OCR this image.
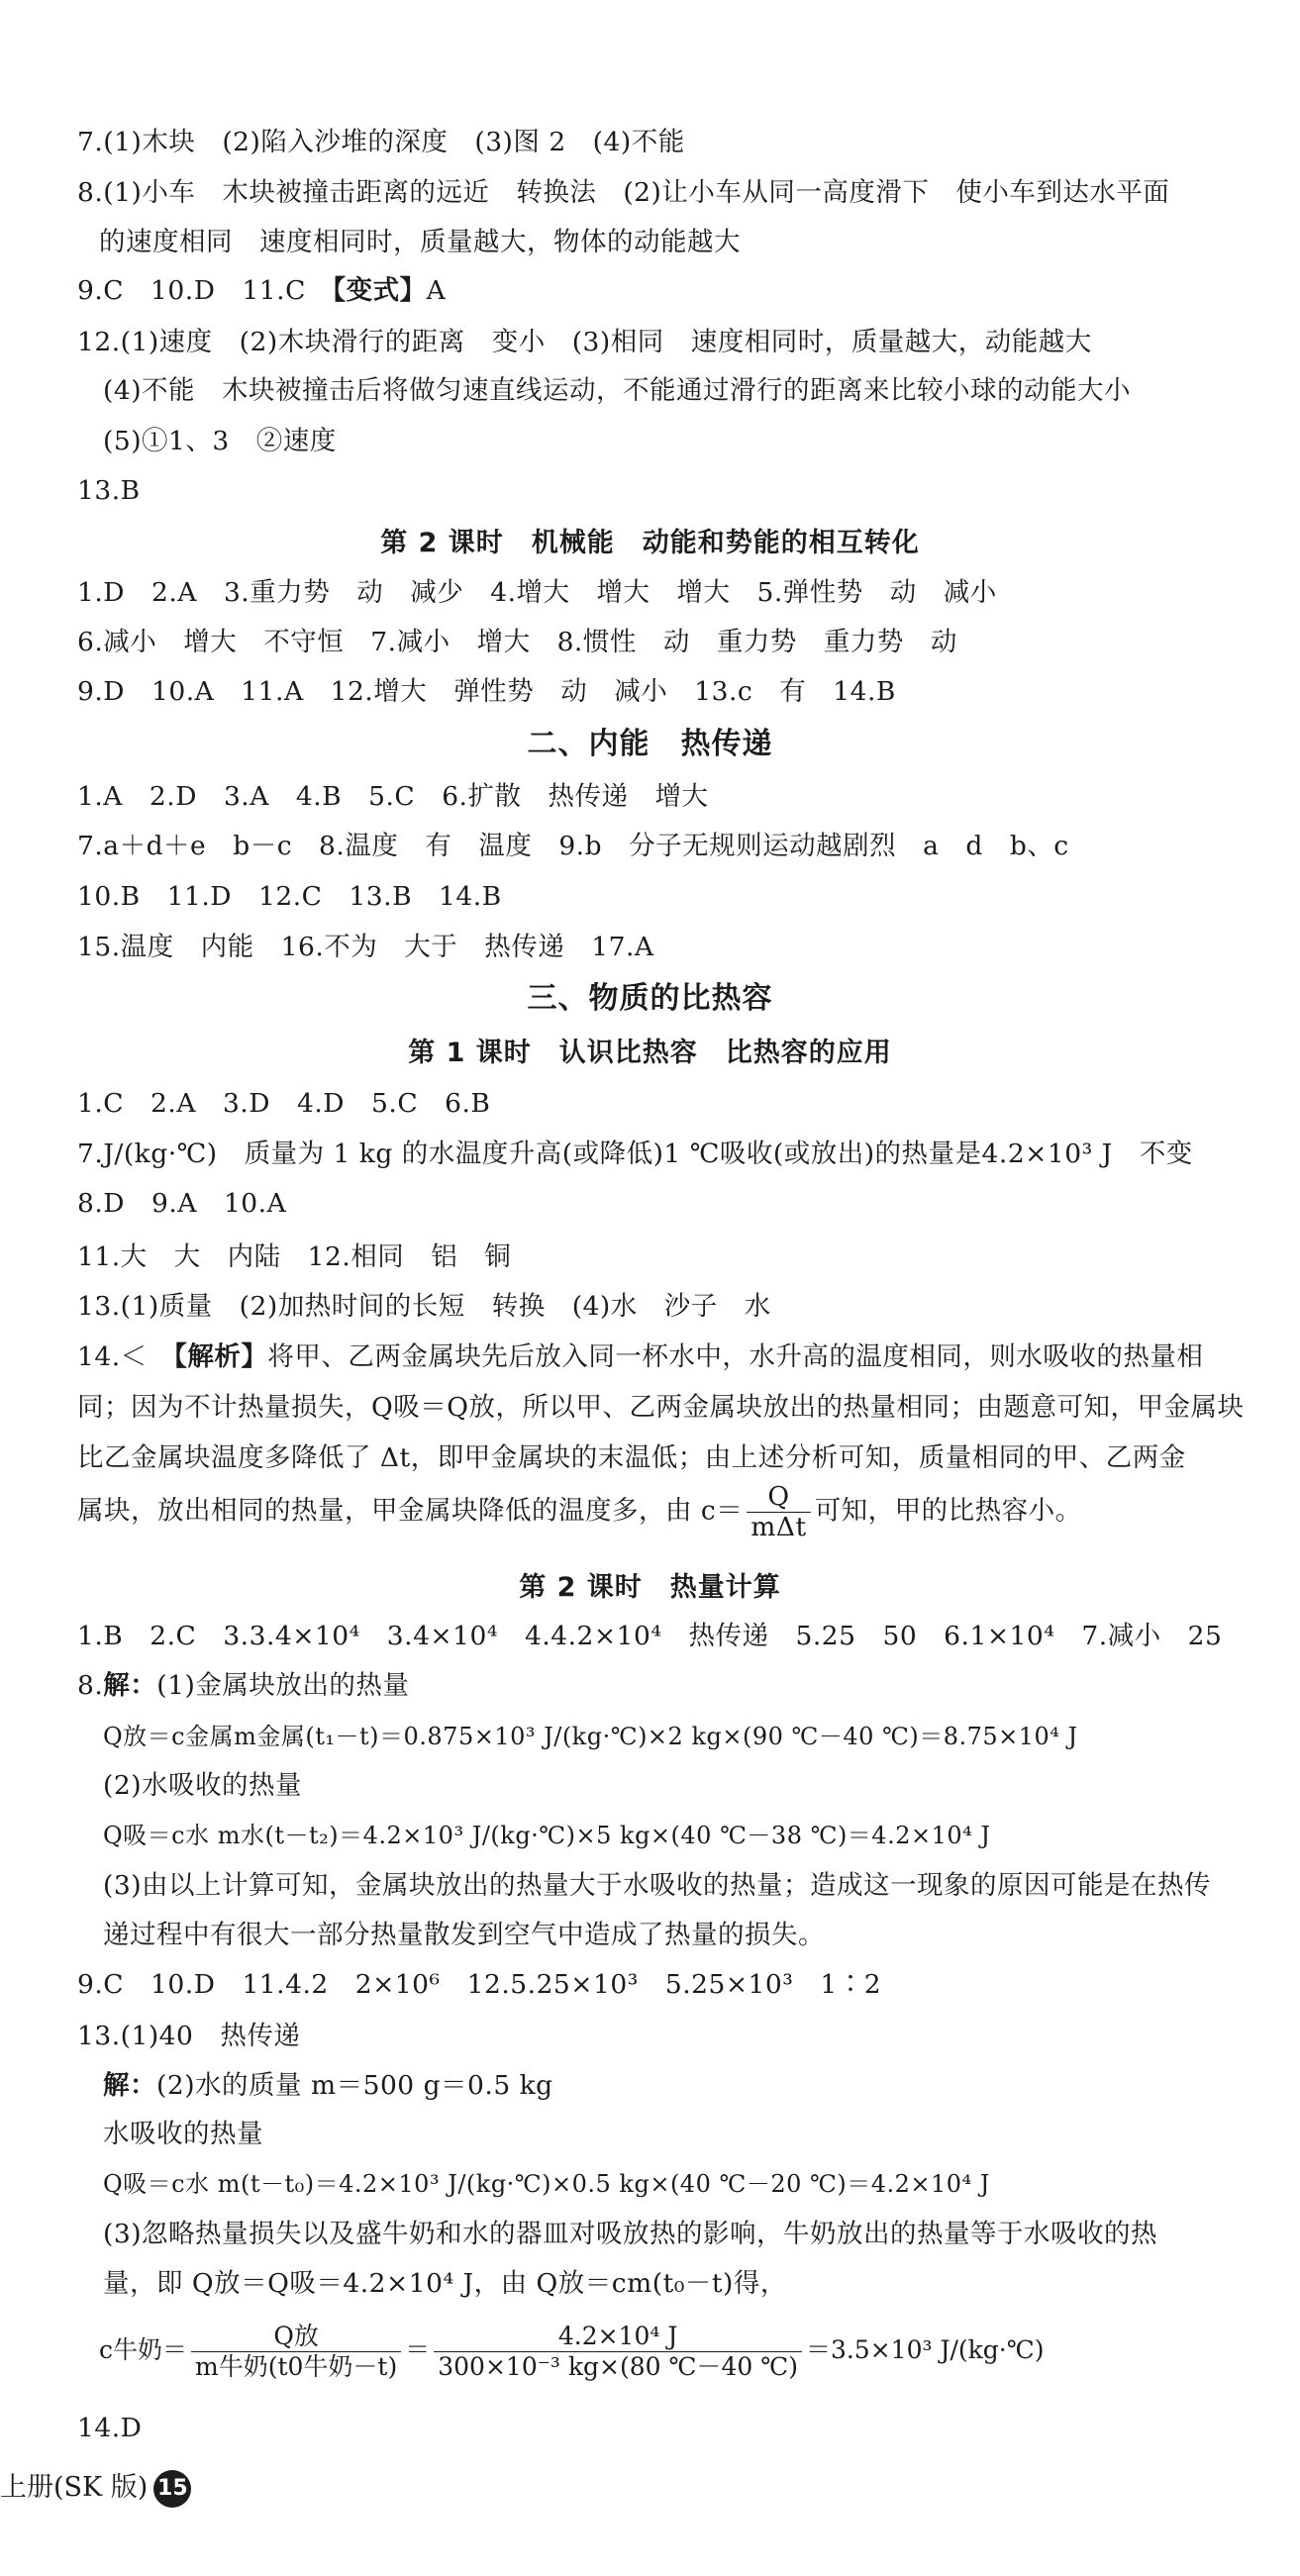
7.(1)木块　(2)陷入沙堆的深度　(3)图 2　(4)不能
8.(1)小车　木块被撞击距离的远近　转换法　(2)让小车从同一高度滑下　使小车到达水平面
的速度相同　速度相同时，质量越大，物体的动能越大
9.C　10.D　11.C　【变式】A
12.(1)速度　(2)木块滑行的距离　变小　(3)相同　速度相同时，质量越大，动能越大
(4)不能　木块被撞击后将做匀速直线运动，不能通过滑行的距离来比较小球的动能大小
(5)①1、3　②速度
13.B
第 2 课时　机械能　动能和势能的相互转化
1.D　2.A　3.重力势　动　减少　4.增大　增大　增大　5.弹性势　动　减小
6.减小　增大　不守恒　7.减小　增大　8.惯性　动　重力势　重力势　动
9.D　10.A　11.A　12.增大　弹性势　动　减小　13.c　有　14.B
二、内能　热传递
1.A　2.D　3.A　4.B　5.C　6.扩散　热传递　增大
7.a＋d＋e　b－c　8.温度　有　温度　9.b　分子无规则运动越剧烈　a　d　b、c
10.B　11.D　12.C　13.B　14.B
15.温度　内能　16.不为　大于　热传递　17.A
三、物质的比热容
第 1 课时　认识比热容　比热容的应用
1.C　2.A　3.D　4.D　5.C　6.B
7.J/(kg·℃)　质量为 1 kg 的水温度升高(或降低)1 ℃吸收(或放出)的热量是4.2×10³ J　不变
8.D　9.A　10.A
11.大　大　内陆　12.相同　铝　铜
13.(1)质量　(2)加热时间的长短　转换　(4)水　沙子　水
14.＜　【解析】将甲、乙两金属块先后放入同一杯水中，水升高的温度相同，则水吸收的热量相
同；因为不计热量损失，Q吸＝Q放，所以甲、乙两金属块放出的热量相同；由题意可知，甲金属块
比乙金属块温度多降低了 Δt，即甲金属块的末温低；由上述分析可知，质量相同的甲、乙两金
属块，放出相同的热量，甲金属块降低的温度多，由 $c= \frac{Q}{\text{mΔt}}$ 可知，甲的比热容小。
第 2 课时　热量计算
1.B　2.C　3.3.4×10⁴　3.4×10⁴　4.4.2×10⁴　热传递　5.25　50　6.1×10⁴　7.减小　25
8.解：(1)金属块放出的热量
Q放＝c金属m金属(t₁－t)＝0.875×10³ J/(kg·℃)×2 kg×(90 ℃－40 ℃)＝8.75×10⁴ J
(2)水吸收的热量
Q吸＝c水 m水(t－t₂)＝4.2×10³ J/(kg·℃)×5 kg×(40 ℃－38 ℃)＝4.2×10⁴ J
(3)由以上计算可知，金属块放出的热量大于水吸收的热量；造成这一现象的原因可能是在热传
递过程中有很大一部分热量散发到空气中造成了热量的损失。
9.C　10.D　11.4.2　2×10⁶　12.5.25×10³　5.25×10³　1∶2
13.(1)40　热传递
解：(2)水的质量 m＝500 g＝0.5 kg
水吸收的热量
Q吸＝c水 m(t－t₀)＝4.2×10³ J/(kg·℃)×0.5 kg×(40 ℃－20 ℃)＝4.2×10⁴ J
(3)忽略热量损失以及盛牛奶和水的器皿对吸放热的影响，牛奶放出的热量等于水吸收的热
量，即 Q放＝Q吸＝4.2×10⁴ J，由 Q放＝cm(t₀－t)得，
c牛奶＝ $\frac{\text{Q放}}{\text{m牛奶(t0牛奶－t)}} = \frac{\text{4.2×10⁴ J}}{\text{300×10⁻³ kg×(80 ℃－40 ℃)}} =3.5\times 10^3$ J/(kg·℃)
14.D
上册(SK 版) 15
